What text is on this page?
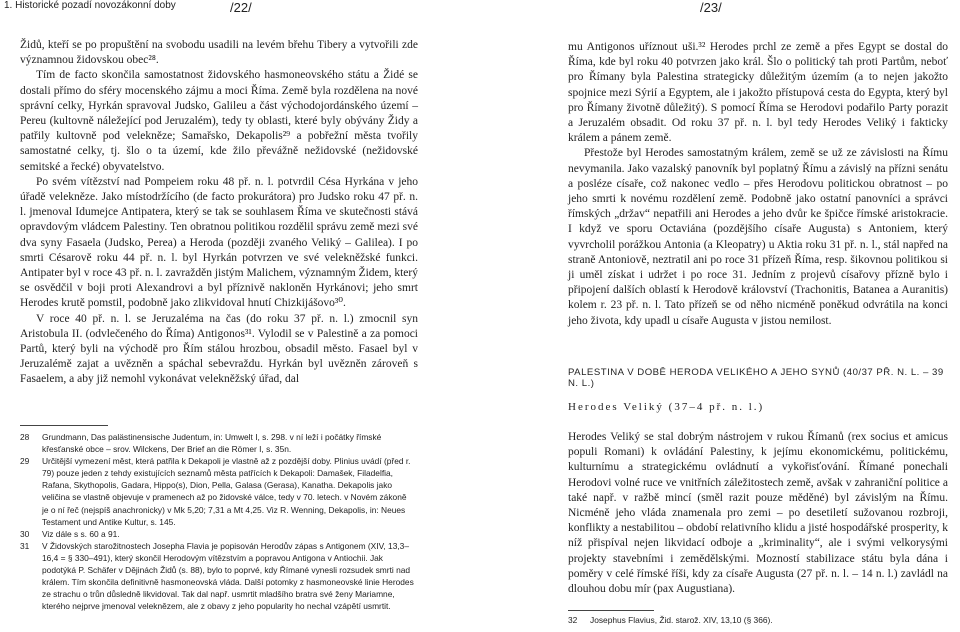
1. Historické pozadí novozákonní doby	/22/

Židů, kteří se po propuštění na svobodu usadili na levém břehu Tibery a vytvořili zde významnou židovskou obec²⁸.

Tím de facto skončila samostatnost židovského hasmoneovského státu a Židé se dostali přímo do sféry mocenského zájmu a moci Říma. Země byla rozdělena na nové správní celky, Hyrkán spravoval Judsko, Galileu a část východojordánského území – Pereu (kultovně náležející pod Jeruzalém), tedy ty oblasti, které byly obývány Židy a patřily kultovně pod velekněze; Samařsko, Dekapolis²⁹ a pobřežní města tvořily samostatné celky, tj. šlo o ta území, kde žilo převážně nežidovské (nežidovské semitské a řecké) obyvatelstvo.

Po svém vítězství nad Pompeiem roku 48 př. n. l. potvrdil Césa Hyrkána v jeho úřadě velekněze. Jako místodržícího (de facto prokurátora) pro Judsko roku 47 př. n. l. jmenoval Idumejce Antipatera, který se tak se souhlasem Říma ve skutečnosti stává opravdovým vládcem Palestiny. Ten obratnou politikou rozdělil správu země mezi své dva syny Fasaela (Judsko, Perea) a Heroda (později zvaného Veliký – Galilea). I po smrti Césarově roku 44 př. n. l. byl Hyrkán potvrzen ve své velekněžské funkci. Antipater byl v roce 43 př. n. l. zavražděn jistým Malichem, významným Židem, který se osvědčil v boji proti Alexandrovi a byl příznivě nakloněn Hyrkánovi; jeho smrt Herodes krutě pomstil, podobně jako zlikvidoval hnutí Chizkijášovo³⁰.

V roce 40 př. n. l. se Jeruzaléma na čas (do roku 37 př. n. l.) zmocnil syn Aristobula II. (odvlečeného do Říma) Antigonos³¹. Vylodil se v Palestině a za pomoci Partů, který byli na východě pro Řím stálou hrozbou, obsadil město. Fasael byl v Jeruzalémě zajat a uvězněn a spáchal sebevraždu. Hyrkán byl uvězněn zároveň s Fasaelem, a aby již nemohl vykonávat velekněžský úřad, dal

28	Grundmann, Das palästinensische Judentum, in: Umwelt I, s. 298. v ní leží i počátky římské křesťanské obce – srov. Wilckens, Der Brief an die Römer I, s. 35n.
29	Určitější vymezení měst, která patřila k Dekapoli je vlastně až z pozdější doby. Plinius uvádí (před r. 79) pouze jeden z tehdy existujících seznamů města patřících k Dekapoli: Damašek, Filadelfia, Rafana, Skythopolis, Gadara, Hippo(s), Dion, Pella, Galasa (Gerasa), Kanatha. Dekapolis jako veličina se vlastně objevuje v pramenech až po židovské válce, tedy v 70. letech. v Novém zákoně je o ní řeč (nejspíš anachronicky) v Mk 5,20; 7,31 a Mt 4,25. Viz R. Wenning, Dekapolis, in: Neues Testament und Antike Kultur, s. 145.
30	Viz dále s s. 60 a 91.
31	V Židovských starožitnostech Josepha Flavia je popisován Herodův zápas s Antigonem (XIV, 13,3–16,4 = § 330–491), který skončil Herodovým vítězstvím a popravou Antigona v Antiochii. Jak podotýká P. Schäfer v Dějinách Židů (s. 88), bylo to poprvé, kdy Římané vynesli rozsudek smrti nad králem. Tím skončila definitivně hasmoneovská vláda. Další potomky z hasmoneovské linie Herodes ze strachu o trůn důsledně likvidoval. Tak dal např. usmrtit mladšího bratra své ženy Mariamne, kterého nejprve jmenoval veleknězem, ale z obavy z jeho popularity ho nechal vzápětí usmrtit.
/23/

mu Antigonos uříznout uši.³² Herodes prchl ze země a přes Egypt se dostal do Říma, kde byl roku 40 potvrzen jako král. Šlo o politický tah proti Partům, neboť pro Římany byla Palestina strategicky důležitým územím (a to nejen jakožto spojnice mezi Sýrií a Egyptem, ale i jakožto přístupová cesta do Egypta, který byl pro Římany životně důležitý). S pomocí Říma se Herodovi podařilo Party porazit a Jeruzalém obsadit. Od roku 37 př. n. l. byl tedy Herodes Veliký i fakticky králem a pánem země.

Přestože byl Herodes samostatným králem, země se už ze závislosti na Římu nevymanila. Jako vazalský panovník byl poplatný Římu a závislý na přízni senátu a posléze císaře, což nakonec vedlo – přes Herodovu politickou obratnost – po jeho smrti k novému rozdělení země. Podobně jako ostatní panovníci a správci římských „držav“ nepatřili ani Herodes a jeho dvůr ke špičce římské aristokracie. I když ve sporu Octaviána (pozdějšího císaře Augusta) s Antoniem, který vyvrcholil porážkou Antonia (a Kleopatry) u Aktia roku 31 př. n. l., stál napřed na straně Antoniově, neztratil ani po roce 31 přízeň Říma, resp. šikovnou politikou si ji uměl získat i udržet i po roce 31. Jedním z projevů císařovy přízně bylo i připojení dalších oblastí k Herodově království (Trachonitis, Batanea a Auranitis) kolem r. 23 př. n. l. Tato přízeň se od něho nicméně poněkud odvrátila na konci jeho života, kdy upadl u císaře Augusta v jistou nemilost.

PALESTINA V DOBĚ HERODA VELIKÉHO A JEHO SYNŮ (40/37 PŘ. N. L. – 39 N. L.)
Herodes Veliký (37–4 př. n. l.)

Herodes Veliký se stal dobrým nástrojem v rukou Římanů (rex socius et amicus populi Romani) k ovládání Palestiny, k jejímu ekonomickému, politickému, kulturnímu a strategickému ovládnutí a vykořisťování. Římané ponechali Herodovi volné ruce ve vnitřních záležitostech země, avšak v zahraniční politice a také např. v ražbě mincí (směl razit pouze měděné) byl závislým na Římu. Nicméně jeho vláda znamenala pro zemi – po desetiletí sužovanou rozbroji, konflikty a nestabilitou – období relativního klidu a jisté hospodářské prosperity, k níž přispíval nejen likvidací odboje a „kriminality“, ale i svými velkorysými projekty stavebními i zemědělskými. Mozností stabilizace státu byla dána i poměry v celé římské říši, kdy za císaře Augusta (27 př. n. l. – 14 n. l.) zavládl na dlouhou dobu mír (pax Augustiana).

32	Josephus Flavius, Žid. starož. XIV, 13,10 (§ 366).
